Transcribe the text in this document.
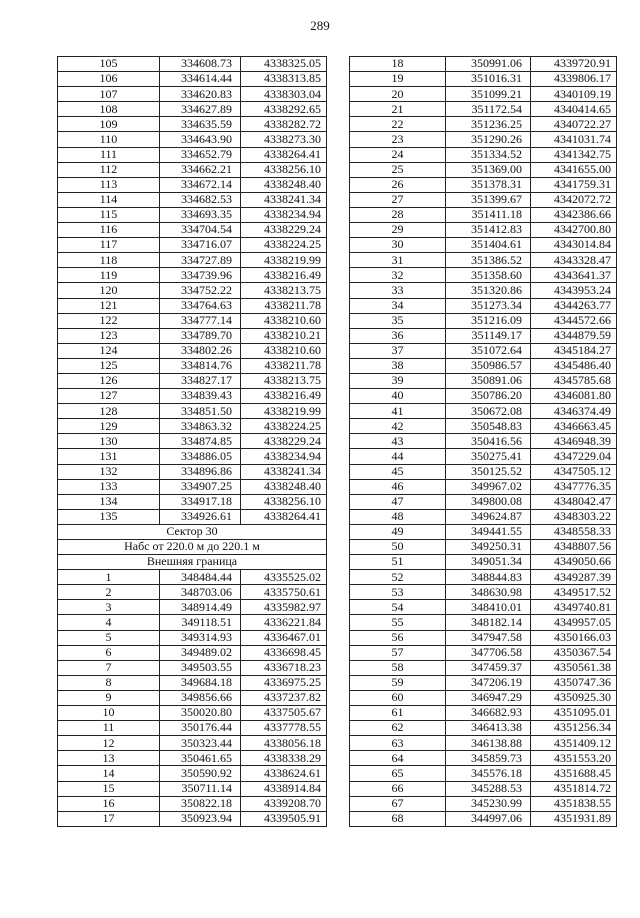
289
105	334608.73	4338325.05
106	334614.44	4338313.85
107	334620.83	4338303.04
108	334627.89	4338292.65
109	334635.59	4338282.72
110	334643.90	4338273.30
111	334652.79	4338264.41
112	334662.21	4338256.10
113	334672.14	4338248.40
114	334682.53	4338241.34
115	334693.35	4338234.94
116	334704.54	4338229.24
117	334716.07	4338224.25
118	334727.89	4338219.99
119	334739.96	4338216.49
120	334752.22	4338213.75
121	334764.63	4338211.78
122	334777.14	4338210.60
123	334789.70	4338210.21
124	334802.26	4338210.60
125	334814.76	4338211.78
126	334827.17	4338213.75
127	334839.43	4338216.49
128	334851.50	4338219.99
129	334863.32	4338224.25
130	334874.85	4338229.24
131	334886.05	4338234.94
132	334896.86	4338241.34
133	334907.25	4338248.40
134	334917.18	4338256.10
135	334926.61	4338264.41
Сектор 30		
Набс от 220.0 м до 220.1 м		
Внешняя граница		
1	348484.44	4335525.02
2	348703.06	4335750.61
3	348914.49	4335982.97
4	349118.51	4336221.84
5	349314.93	4336467.01
6	349489.02	4336698.45
7	349503.55	4336718.23
8	349684.18	4336975.25
9	349856.66	4337237.82
10	350020.80	4337505.67
11	350176.44	4337778.55
12	350323.44	4338056.18
13	350461.65	4338338.29
14	350590.92	4338624.61
15	350711.14	4338914.84
16	350822.18	4339208.70
17	350923.94	4339505.91
18	350991.06	4339720.91
19	351016.31	4339806.17
20	351099.21	4340109.19
21	351172.54	4340414.65
22	351236.25	4340722.27
23	351290.26	4341031.74
24	351334.52	4341342.75
25	351369.00	4341655.00
26	351378.31	4341759.31
27	351399.67	4342072.72
28	351411.18	4342386.66
29	351412.83	4342700.80
30	351404.61	4343014.84
31	351386.52	4343328.47
32	351358.60	4343641.37
33	351320.86	4343953.24
34	351273.34	4344263.77
35	351216.09	4344572.66
36	351149.17	4344879.59
37	351072.64	4345184.27
38	350986.57	4345486.40
39	350891.06	4345785.68
40	350786.20	4346081.80
41	350672.08	4346374.49
42	350548.83	4346663.45
43	350416.56	4346948.39
44	350275.41	4347229.04
45	350125.52	4347505.12
46	349967.02	4347776.35
47	349800.08	4348042.47
48	349624.87	4348303.22
49	349441.55	4348558.33
50	349250.31	4348807.56
51	349051.34	4349050.66
52	348844.83	4349287.39
53	348630.98	4349517.52
54	348410.01	4349740.81
55	348182.14	4349957.05
56	347947.58	4350166.03
57	347706.58	4350367.54
58	347459.37	4350561.38
59	347206.19	4350747.36
60	346947.29	4350925.30
61	346682.93	4351095.01
62	346413.38	4351256.34
63	346138.88	4351409.12
64	345859.73	4351553.20
65	345576.18	4351688.45
66	345288.53	4351814.72
67	345230.99	4351838.55
68	344997.06	4351931.89
